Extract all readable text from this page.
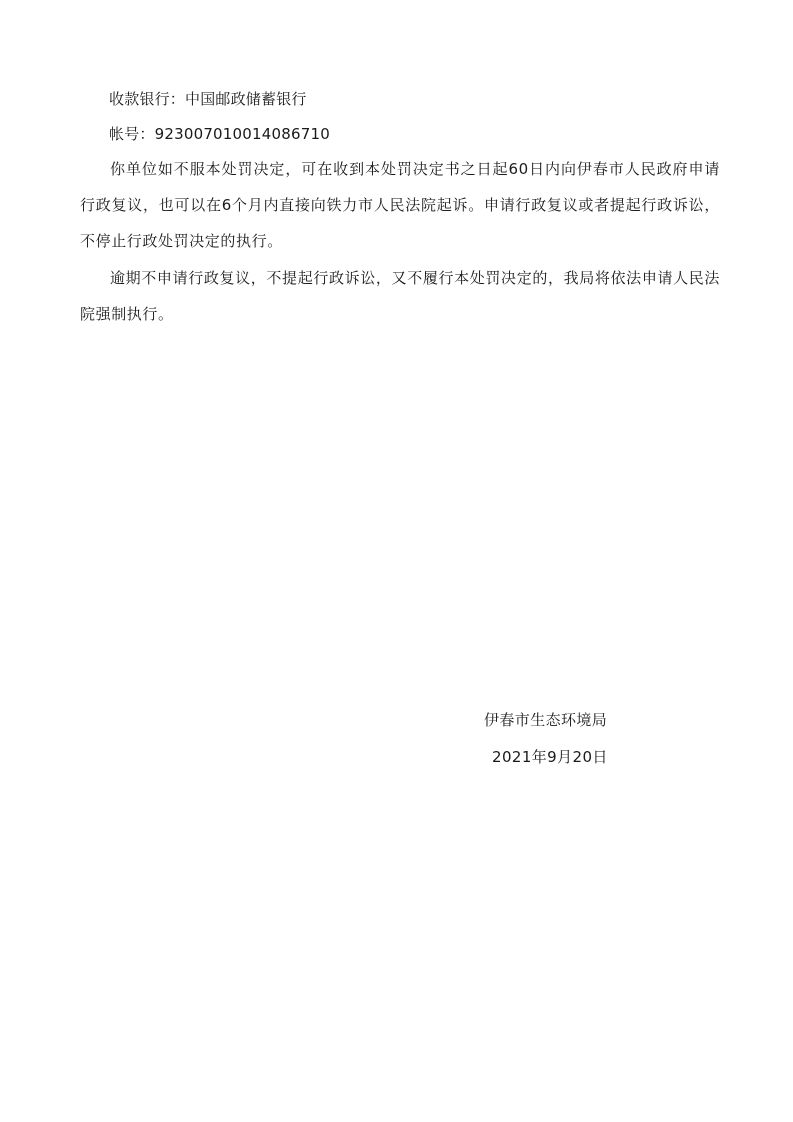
收款银行：中国邮政储蓄银行
帐号：923007010014086710
你单位如不服本处罚决定，可在收到本处罚决定书之日起60日内向伊春市人民政府申请行政复议，也可以在6个月内直接向铁力市人民法院起诉。申请行政复议或者提起行政诉讼，不停止行政处罚决定的执行。
逾期不申请行政复议，不提起行政诉讼，又不履行本处罚决定的，我局将依法申请人民法院强制执行。
伊春市生态环境局
2021年9月20日
